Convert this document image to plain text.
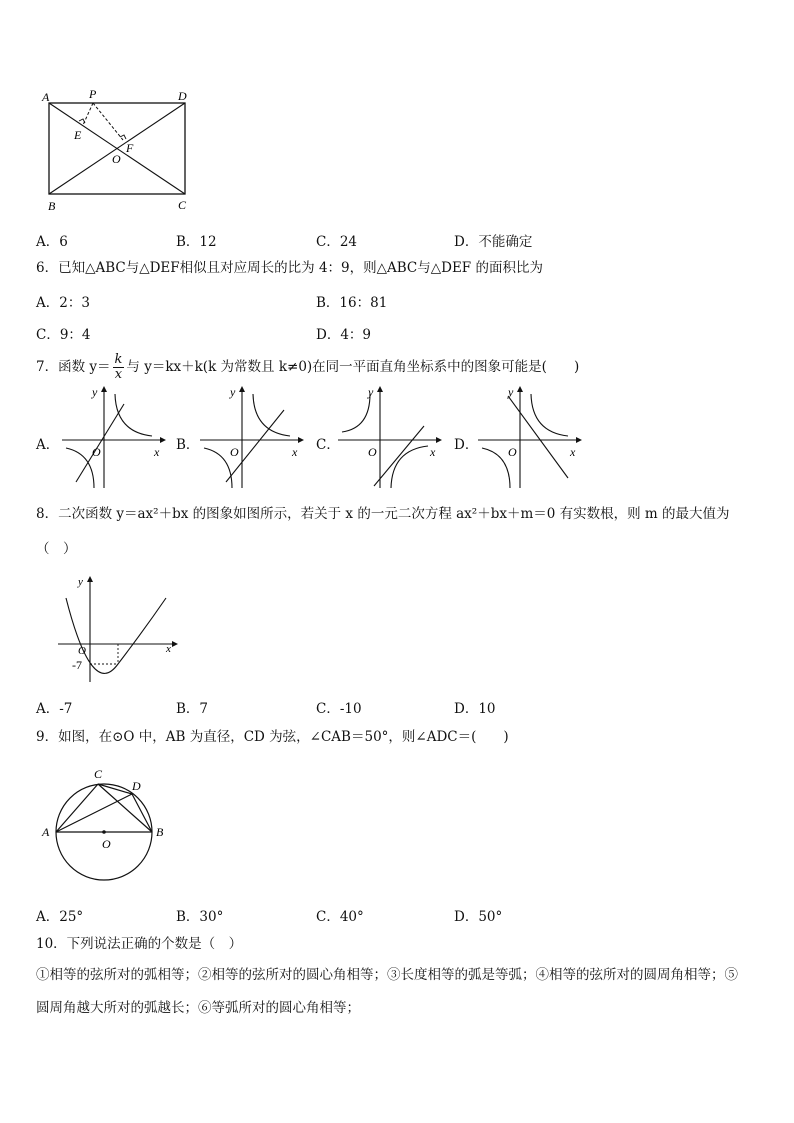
A	P	D
E
O
F
B	C
A．6	B．12	C．24	D．不能确定
6．已知△ABC与△DEF相似且对应周长的比为 4：9，则△ABC与△DEF 的面积比为
A．2：3	B．16：81
C．9：4	D．4：9
7．函数 $y= \frac{k}{x}$ 与 y＝kx＋k(k 为常数且 k≠0)在同一平面直角坐标系中的图象可能是(　　)
A．
y
x
O	B．
y
x
O	C．
y
x
O	D．
y
x
O
8．二次函数 y＝ax²＋bx 的图象如图所示，若关于 x 的一元二次方程 ax²＋bx＋m＝0 有实数根，则 m 的最大值为
（　）
y
x
O
-7
A．-7	B．7	C．-10	D．10
9．如图，在⊙O 中，AB 为直径，CD 为弦，∠CAB＝50°，则∠ADC＝(　　)
A	B
C
D
O
A．25°	B．30°	C．40°	D．50°
10．下列说法正确的个数是（　）
①相等的弦所对的弧相等；②相等的弦所对的圆心角相等；③长度相等的弧是等弧；④相等的弦所对的圆周角相等；⑤
圆周角越大所对的弧越长；⑥等弧所对的圆心角相等；
